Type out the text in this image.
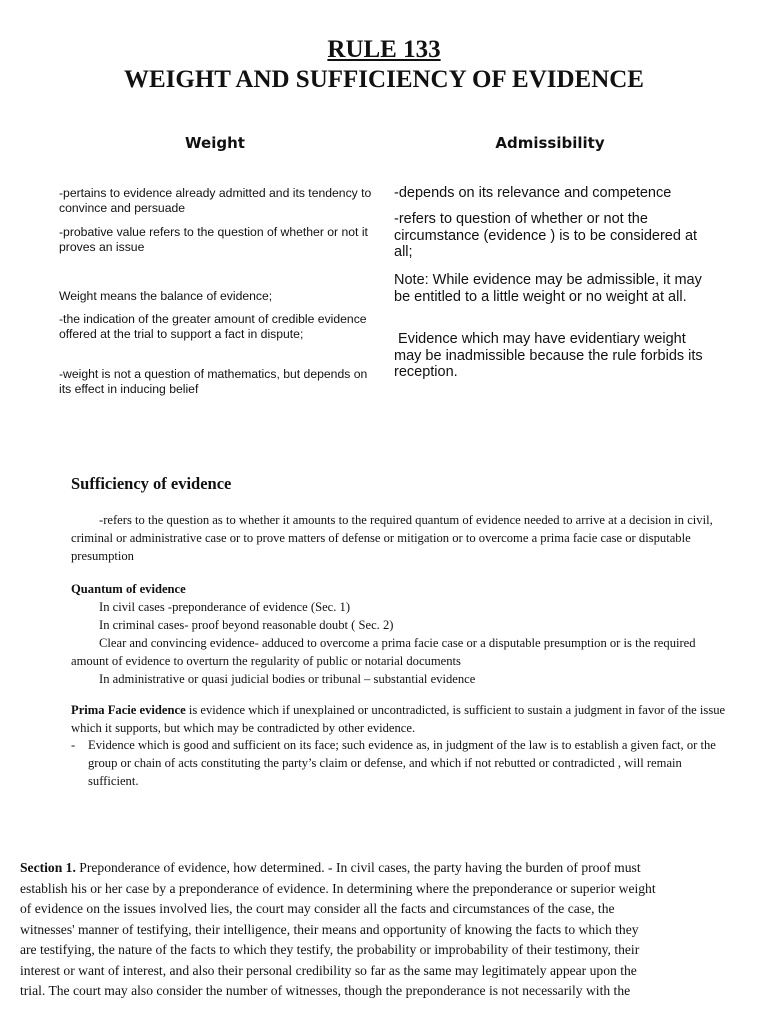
RULE 133
WEIGHT AND SUFFICIENCY OF EVIDENCE
Weight	Admissibility
-pertains to evidence already admitted and its tendency to convince and persuade
-probative value refers to the question of whether or not it proves an issue
Weight means the balance of evidence;
-the indication of the greater amount of credible evidence offered at the trial to support a fact in dispute;
-weight is not a question of mathematics, but depends on its effect in inducing belief
-depends on its relevance and competence
-refers to question of whether or not the circumstance (evidence ) is to be considered at all;
Note: While evidence may be admissible, it may be entitled to a little weight or no weight at all.
Evidence which may have evidentiary weight may be inadmissible because the rule forbids its reception.
Sufficiency of evidence
-refers to the question as to whether it amounts to the required quantum of evidence needed to arrive at a decision in civil, criminal or administrative case or to prove matters of defense or mitigation or to overcome a prima facie case or disputable presumption
Quantum of evidence
In civil cases -preponderance of evidence (Sec. 1)
In criminal cases- proof beyond reasonable doubt ( Sec. 2)
Clear and convincing evidence- adduced to overcome a prima facie case or a disputable presumption or is the required amount of evidence to overturn the regularity of public or notarial documents
In administrative or quasi judicial bodies or tribunal – substantial evidence
Prima Facie evidence is evidence which if unexplained or uncontradicted, is sufficient to sustain a judgment in favor of the issue which it supports, but which may be contradicted by other evidence.
-	Evidence which is good and sufficient on its face; such evidence as, in judgment of the law is to establish a given fact, or the group or chain of acts constituting the party’s claim or defense, and which if not rebutted or contradicted , will remain sufficient.
Section 1. Preponderance of evidence, how determined. - In civil cases, the party having the burden of proof must
establish his or her case by a preponderance of evidence. In determining where the preponderance or superior weight
of evidence on the issues involved lies, the court may consider all the facts and circumstances of the case, the
witnesses' manner of testifying, their intelligence, their means and opportunity of knowing the facts to which they
are testifying, the nature of the facts to which they testify, the probability or improbability of their testimony, their
interest or want of interest, and also their personal credibility so far as the same may legitimately appear upon the
trial. The court may also consider the number of witnesses, though the preponderance is not necessarily with the
